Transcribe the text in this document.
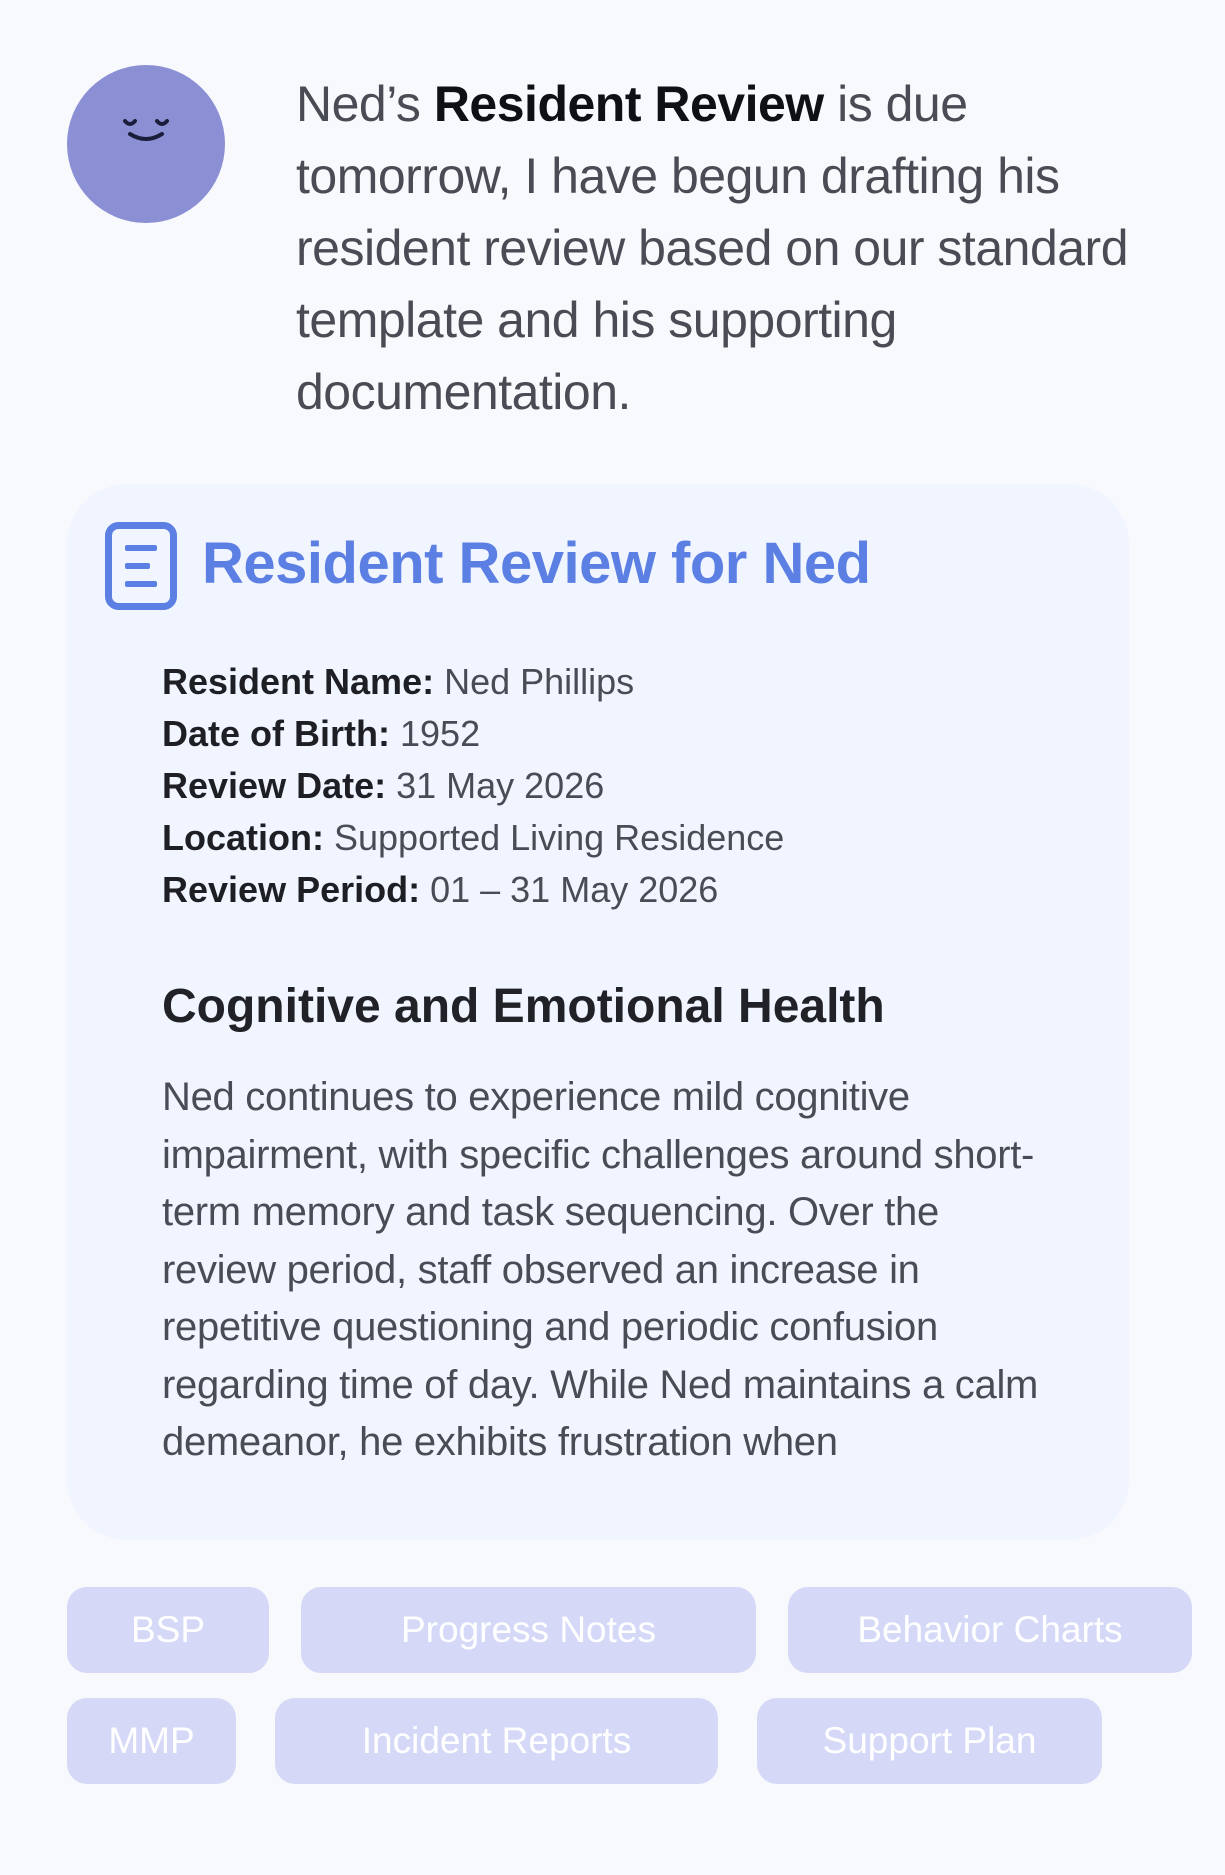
Ned’s Resident Review is due tomorrow, I have begun drafting his resident review based on our standard template and his supporting documentation.
Resident Review for Ned
Resident Name: Ned Phillips
Date of Birth: 1952
Review Date: 31 May 2026
Location: Supported Living Residence
Review Period: 01 – 31 May 2026
Cognitive and Emotional Health
Ned continues to experience mild cognitive impairment, with specific challenges around short-term memory and task sequencing. Over the review period, staff observed an increase in repetitive questioning and periodic confusion regarding time of day. While Ned maintains a calm demeanor, he exhibits frustration when
BSP	Progress Notes	Behavior Charts
MMP	Incident Reports	Support Plan
